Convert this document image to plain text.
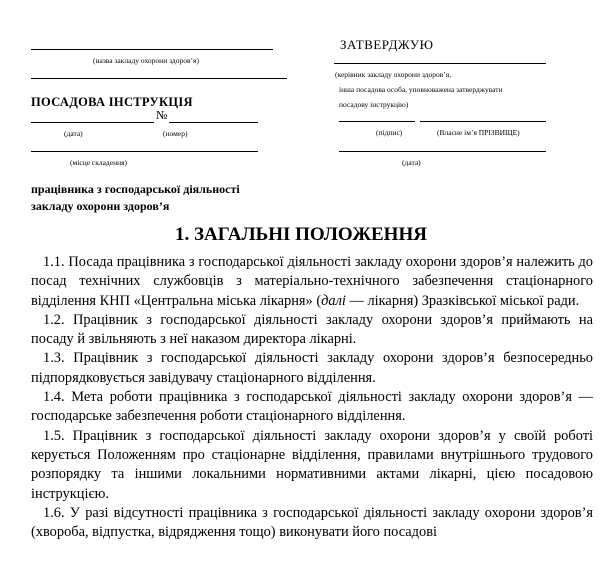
(назва закладу охорони здоров’я)
ПОСАДОВА ІНСТРУКЦІЯ
№
(дата)	(номер)
(місце складення)
працівника з господарської діяльності
закладу охорони здоров’я
ЗАТВЕРДЖУЮ
(керівник закладу охорони здоров’я,
інша посадова особа, уповноважена затверджувати
посадову інструкцію)
(підпис)	(Власне ім’я ПРІЗВИЩЕ)
(дата)
1. ЗАГАЛЬНІ ПОЛОЖЕННЯ

1.1. Посада працівника з господарської діяльності закладу охорони здоров’я належить до посад технічних службовців з матеріально-технічного забезпечення стаціонарного відділення КНП «Центральна міська лікарня» (далі — лікарня) Зразківської міської ради.

1.2. Працівник з господарської діяльності закладу охорони здоров’я приймають на посаду й звільняють з неї наказом директора лікарні.

1.3. Працівник з господарської діяльності закладу охорони здоров’я безпосередньо підпорядковується завідувачу стаціонарного відділення.

1.4. Мета роботи працівника з господарської діяльності закладу охорони здоров’я — господарське забезпечення роботи стаціонарного відділення.

1.5. Працівник з господарської діяльності закладу охорони здоров’я у своїй роботі керується Положенням про стаціонарне відділення, правилами внутрішнього трудового розпорядку та іншими локальними нормативними актами лікарні, цією посадовою інструкцією.

1.6. У разі відсутності працівника з господарської діяльності закладу охорони здоров’я (хвороба, відпустка, відрядження тощо) виконувати його посадові
